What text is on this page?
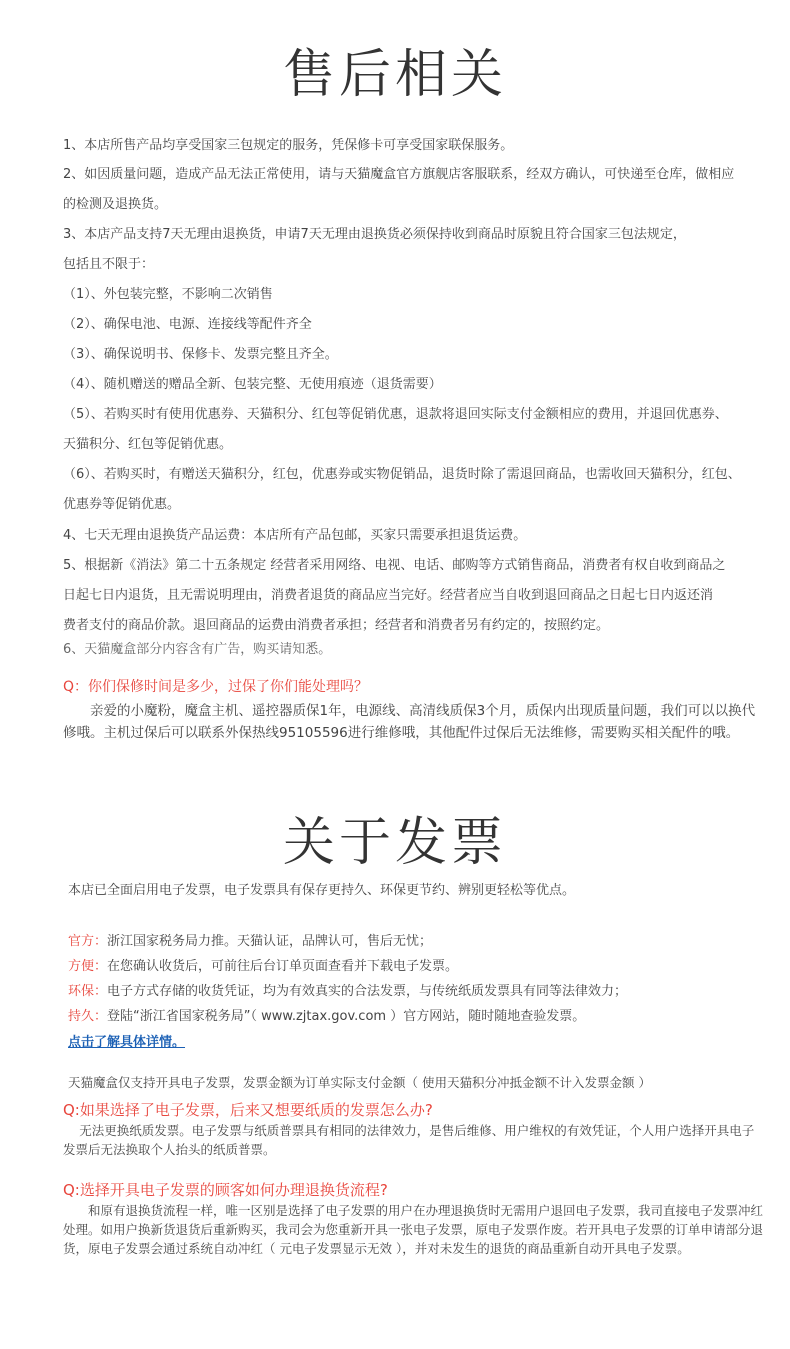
售后相关
1、本店所售产品均享受国家三包规定的服务，凭保修卡可享受国家联保服务。
2、如因质量问题，造成产品无法正常使用，请与天猫魔盒官方旗舰店客服联系，经双方确认，可快递至仓库，做相应
的检测及退换货。
3、本店产品支持7天无理由退换货，申请7天无理由退换货必须保持收到商品时原貌且符合国家三包法规定，
包括且不限于：
（1）、外包装完整，不影响二次销售
（2）、确保电池、电源、连接线等配件齐全
（3）、确保说明书、保修卡、发票完整且齐全。
（4）、随机赠送的赠品全新、包装完整、无使用痕迹（退货需要）
（5）、若购买时有使用优惠券、天猫积分、红包等促销优惠，退款将退回实际支付金额相应的费用，并退回优惠券、
天猫积分、红包等促销优惠。
（6）、若购买时，有赠送天猫积分，红包，优惠券或实物促销品，退货时除了需退回商品，也需收回天猫积分，红包、
优惠券等促销优惠。
4、七天无理由退换货产品运费：本店所有产品包邮，买家只需要承担退货运费。
5、根据新《消法》第二十五条规定 经营者采用网络、电视、电话、邮购等方式销售商品，消费者有权自收到商品之
日起七日内退货，且无需说明理由，消费者退货的商品应当完好。经营者应当自收到退回商品之日起七日内返还消
费者支付的商品价款。退回商品的运费由消费者承担；经营者和消费者另有约定的，按照约定。
6、天猫魔盒部分内容含有广告，购买请知悉。
Q：你们保修时间是多少，过保了你们能处理吗？
亲爱的小魔粉，魔盒主机、遥控器质保1年，电源线、高清线质保3个月，质保内出现质量问题，我们可以以换代修哦。主机过保后可以联系外保热线95105596进行维修哦，其他配件过保后无法维修，需要购买相关配件的哦。
关于发票
本店已全面启用电子发票，电子发票具有保存更持久、环保更节约、辨别更轻松等优点。
官方：浙江国家税务局力推。天猫认证，品牌认可，售后无忧；
方便：在您确认收货后，可前往后台订单页面查看并下载电子发票。
环保：电子方式存储的收货凭证，均为有效真实的合法发票，与传统纸质发票具有同等法律效力；
持久：登陆“浙江省国家税务局”（ www.zjtax.gov.com ）官方网站，随时随地查验发票。
点击了解具体详情。
天猫魔盒仅支持开具电子发票，发票金额为订单实际支付金额（ 使用天猫积分冲抵金额不计入发票金额 ）
Q:如果选择了电子发票，后来又想要纸质的发票怎么办?
无法更换纸质发票。电子发票与纸质普票具有相同的法律效力，是售后维修、用户维权的有效凭证，个人用户选择开具电子发票后无法换取个人抬头的纸质普票。
Q:选择开具电子发票的顾客如何办理退换货流程?
和原有退换货流程一样，唯一区别是选择了电子发票的用户在办理退换货时无需用户退回电子发票，我司直接电子发票冲红处理。如用户换新货退货后重新购买，我司会为您重新开具一张电子发票，原电子发票作废。若开具电子发票的订单申请部分退货，原电子发票会通过系统自动冲红（ 元电子发票显示无效 ），并对未发生的退货的商品重新自动开具电子发票。
